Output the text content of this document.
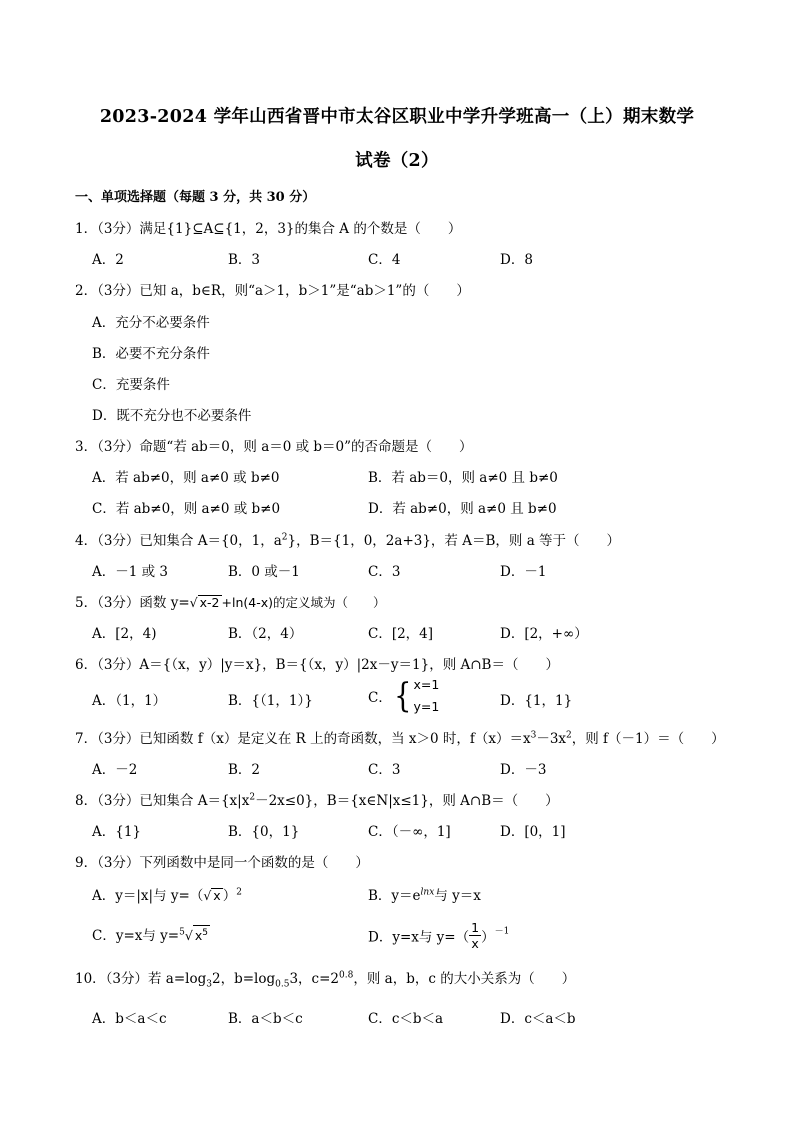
2023-2024 学年山西省晋中市太谷区职业中学升学班高一（上）期末数学
试卷（2）
一、单项选择题（每题 3 分，共 30 分）
1．（3分）满足{1}⊆A⊆{1，2，3}的集合 A 的个数是（　　）
A．2	B．3	C．4	D．8
2．（3分）已知 a，b∈R，则“a＞1，b＞1”是“ab＞1”的（　　）
A．充分不必要条件
B．必要不充分条件
C．充要条件
D．既不充分也不必要条件
3．（3分）命题“若 ab＝0，则 a＝0 或 b＝0”的否命题是（　　）
A．若 ab≠0，则 a≠0 或 b≠0	B．若 ab＝0，则 a≠0 且 b≠0
C．若 ab≠0，则 a≠0 或 b≠0	D．若 ab≠0，则 a≠0 且 b≠0
4．（3分）已知集合 A＝{0，1，$a^2$}，B＝{1，0，2a+3}，若 A＝B，则 a 等于（　　）
A．－1 或 3	B．0 或－1	C．3	D．－1
5．（3分）函数 y=√ x-2 +ln(4-x)的定义域为（　　）
A．[2，4)	B．（2，4）	C．[2，4]	D．[2，+∞）
6．（3分）A＝{（x，y）|y＝x}，B＝{（x，y）|2x－y＝1}，则 A∩B＝（　　）
A．（1，1）	B．{（1，1）}	C．{ x=1
y=1	D．{1，1}
7．（3分）已知函数 f（x）是定义在 R 上的奇函数，当 x＞0 时，$f(x)=x^3-3x^2$，则 f（－1）＝（　　）
A．－2	B．2	C．3	D．－3
8．（3分）已知集合 $A=\{x|x^2-2x\le 0\}$，B＝{x∈N|x≤1}，则 A∩B＝（　　）
A．{1}	B．{0，1}	C．（－∞，1]	D．[0，1]
9．（3分）下列函数中是同一个函数的是（　　）
A．y＝|x|与 y=（√ x ）$^2$	B．$y=e^{lnx}$与 y＝x
C．y=x与 y=$^5$√ $x^5$	D．y=x与 $y=( \frac{1}{x} )^{-1}$
10．（3分）若 $a=\log_32$，$b=\log_{0.5}3$，$c=2^{0.8}$，则 a，b，c 的大小关系为（　　）
A．b＜a＜c	B．a＜b＜c	C．c＜b＜a	D．c＜a＜b
